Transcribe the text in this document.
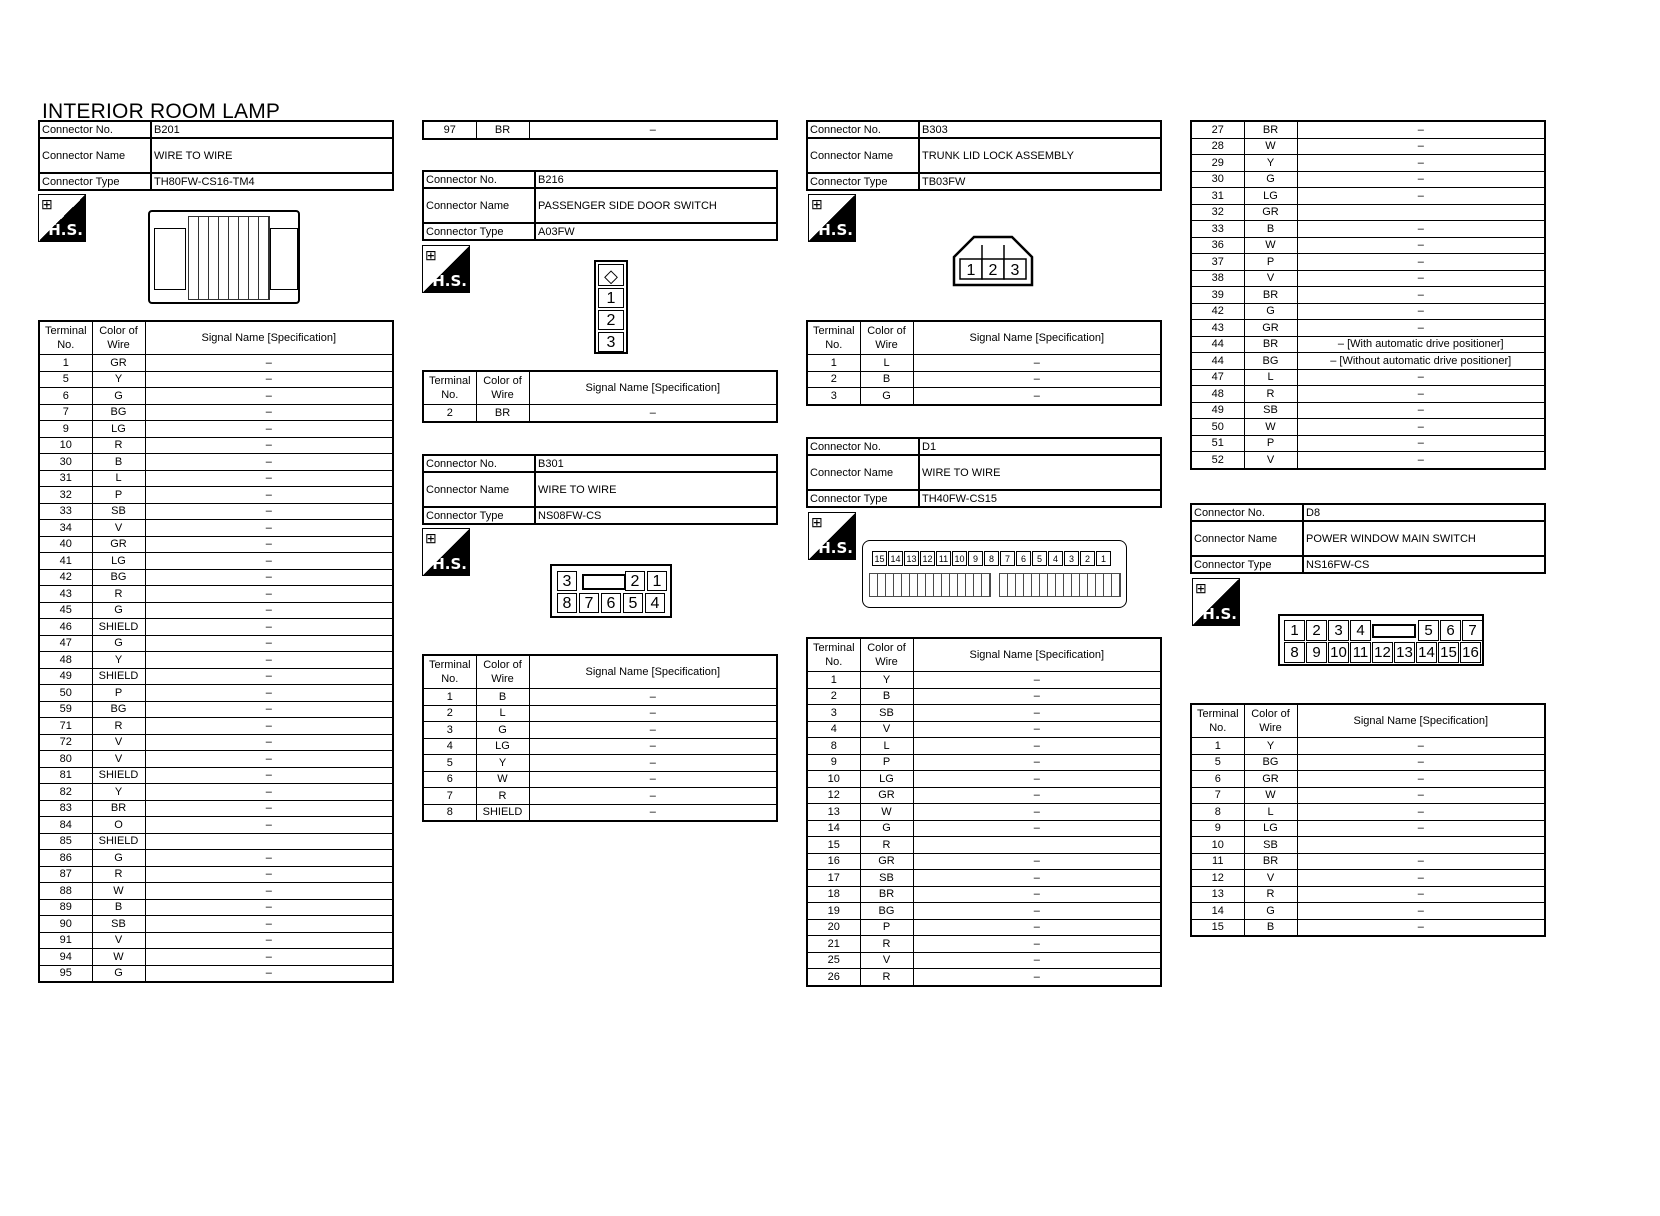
INTERIOR ROOM LAMP
Connector No.	B201
Connector Name	WIRE TO WIRE
Connector Type	TH80FW-CS16-TM4
⊞
H.S.
Terminal No.	Color of Wire	Signal Name [Specification]
1	GR	–
5	Y	–
6	G	–
7	BG	–
9	LG	–
10	R	–
30	B	–
31	L	–
32	P	–
33	SB	–
34	V	–
40	GR	–
41	LG	–
42	BG	–
43	R	–
45	G	–
46	SHIELD	–
47	G	–
48	Y	–
49	SHIELD	–
50	P	–
59	BG	–
71	R	–
72	V	–
80	V	–
81	SHIELD	–
82	Y	–
83	BR	–
84	O	–
85	SHIELD	
86	G	–
87	R	–
88	W	–
89	B	–
90	SB	–
91	V	–
94	W	–
95	G	–
97	BR	–
Connector No.	B216
Connector Name	PASSENGER SIDE DOOR SWITCH
Connector Type	A03FW
⊞
H.S.	◇
1
2
3
Terminal No.	Color of Wire	Signal Name [Specification]
2	BR	–
Connector No.	B301
Connector Name	WIRE TO WIRE
Connector Type	NS08FW-CS
⊞
H.S.
3	2 1
8 7 6 5 4
Terminal No.	Color of Wire	Signal Name [Specification]
1	B	–
2	L	–
3	G	–
4	LG	–
5	Y	–
6	W	–
7	R	–
8	SHIELD	–
Connector No.	B303
Connector Name	TRUNK LID LOCK ASSEMBLY
Connector Type	TB03FW
⊞
H.S.
1 2 3
Terminal No.	Color of Wire	Signal Name [Specification]
1	L	–
2	B	–
3	G	–
Connector No.	D1
Connector Name	WIRE TO WIRE
Connector Type	TH40FW-CS15
⊞
H.S.
15 14 13 12 11 10 9	8	7	6	5	4	3	2	1
Terminal No.	Color of Wire	Signal Name [Specification]
1	Y	–
2	B	–
3	SB	–
4	V	–
8	L	–
9	P	–
10	LG	–
12	GR	–
13	W	–
14	G	–
15	R	
16	GR	–
17	SB	–
18	BR	–
19	BG	–
20	P	–
21	R	–
25	V	–
26	R	–
27	BR	–
28	W	–
29	Y	–
30	G	–
31	LG	–
32	GR	
33	B	–
36	W	–
37	P	–
38	V	–
39	BR	–
42	G	–
43	GR	–
44	BR	– [With automatic drive positioner]
44	BG	– [Without automatic drive positioner]
47	L	–
48	R	–
49	SB	–
50	W	–
51	P	–
52	V	–
Connector No.	D8
Connector Name	POWER WINDOW MAIN SWITCH
Connector Type	NS16FW-CS
⊞
H.S.
1 2 3 4	5 6 7
8 9 10 11 12 13 14 15 16
Terminal No.	Color of Wire	Signal Name [Specification]
1	Y	–
5	BG	–
6	GR	–
7	W	–
8	L	–
9	LG	–
10	SB	
11	BR	–
12	V	–
13	R	–
14	G	–
15	B	–
